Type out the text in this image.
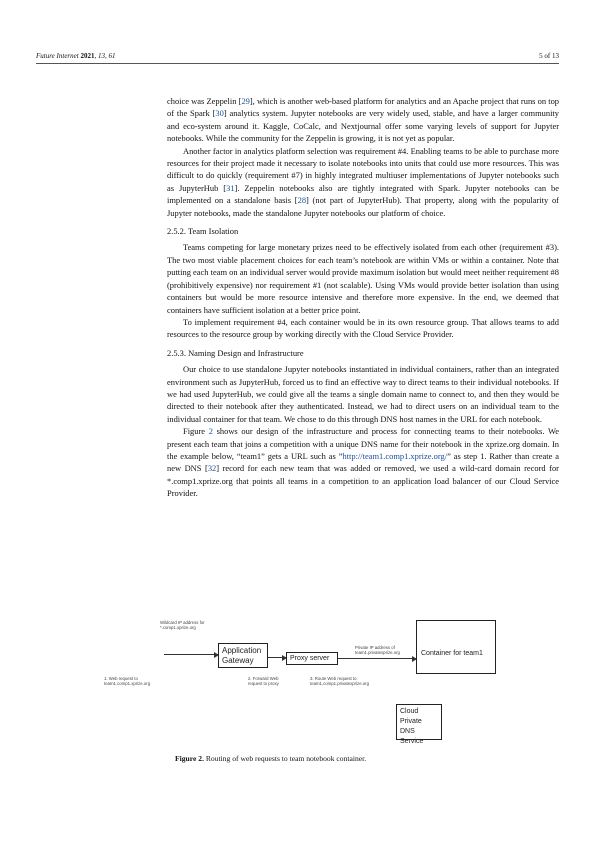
Future Internet 2021, 13, 61	5 of 13

choice was Zeppelin [29], which is another web-based platform for analytics and an Apache project that runs on top of the Spark [30] analytics system. Jupyter notebooks are very widely used, stable, and have a larger community and eco-system around it. Kaggle, CoCalc, and Nextjournal offer some varying levels of support for Jupyter notebooks. While the community for the Zeppelin is growing, it is not yet as popular.

Another factor in analytics platform selection was requirement #4. Enabling teams to be able to purchase more resources for their project made it necessary to isolate notebooks into units that could use more resources. This was difficult to do quickly (requirement #7) in highly integrated multiuser implementations of Jupyter notebooks such as JupyterHub [31]. Zeppelin notebooks also are tightly integrated with Spark. Jupyter notebooks can be implemented on a standalone basis [28] (not part of JupyterHub). That property, along with the popularity of Jupyter notebooks, made the standalone Jupyter notebooks our platform of choice.

2.5.2. Team Isolation

Teams competing for large monetary prizes need to be effectively isolated from each other (requirement #3). The two most viable placement choices for each team’s notebook are within VMs or within a container. Note that putting each team on an individual server would provide maximum isolation but would meet neither requirement #8 (prohibitively expensive) nor requirement #1 (not scalable). Using VMs would provide better isolation than using containers but would be more resource intensive and therefore more expensive. In the end, we deemed that containers have sufficient isolation at a better price point.

To implement requirement #4, each container would be in its own resource group. That allows teams to add resources to the resource group by working directly with the Cloud Service Provider.

2.5.3. Naming Design and Infrastructure

Our choice to use standalone Jupyter notebooks instantiated in individual containers, rather than an integrated environment such as JupyterHub, forced us to find an effective way to direct teams to their individual notebooks. If we had used JupyterHub, we could give all the teams a single domain name to connect to, and then they would be directed to their notebook after they authenticated. Instead, we had to direct users on an individual team to the individual container for that team. We chose to do this through DNS host names in the URL for each notebook.

Figure 2 shows our design of the infrastructure and process for connecting teams to their notebooks. We present each team that joins a competition with a unique DNS name for their notebook in the xprize.org domain. In the example below, “team1” gets a URL such as ”http://team1.comp1.xprize.org/” as step 1. Rather than create a new DNS [32] record for each new team that was added or removed, we used a wild-card domain record for *.comp1.xprize.org that points all teams in a competition to an application load balancer of our Cloud Service Provider.

Wildcard IP address for *.comp1.xprize.org
Application Gateway	Proxy server
Private IP address of team1.privatexprize.org	Container for team1
1. Web request to team1.comp1.xprize.org
2. Forward Web request to proxy
3. Route Web request to team1.comp1.privatexprize.org
Cloud Private DNS Service
Figure 2. Routing of web requests to team notebook container.
